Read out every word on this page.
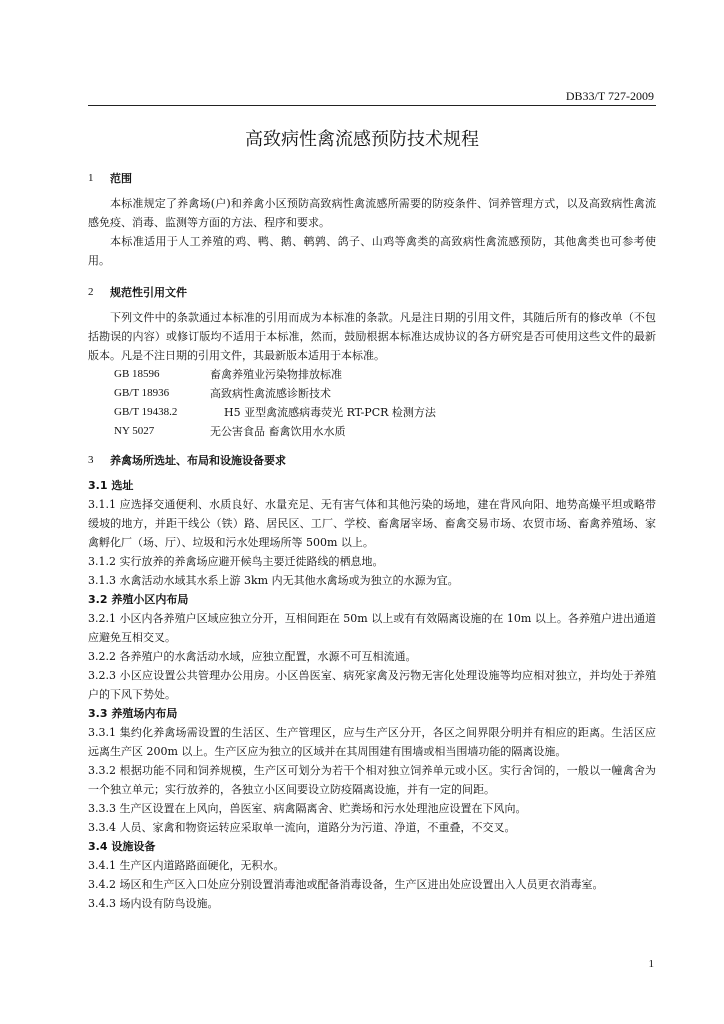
DB33/T 727-2009
高致病性禽流感预防技术规程
1	范围

本标准规定了养禽场(户)和养禽小区预防高致病性禽流感所需要的防疫条件、饲养管理方式，以及高致病性禽流感免疫、消毒、监测等方面的方法、程序和要求。

本标准适用于人工养殖的鸡、鸭、鹅、鹌鹑、鸽子、山鸡等禽类的高致病性禽流感预防，其他禽类也可参考使用。

2	规范性引用文件

下列文件中的条款通过本标准的引用而成为本标准的条款。凡是注日期的引用文件，其随后所有的修改单（不包括勘误的内容）或修订版均不适用于本标准，然而，鼓励根据本标准达成协议的各方研究是否可使用这些文件的最新版本。凡是不注日期的引用文件，其最新版本适用于本标准。

GB 18596	畜禽养殖业污染物排放标准
GB/T 18936	高致病性禽流感诊断技术
GB/T 19438.2	H5 亚型禽流感病毒荧光 RT-PCR 检测方法
NY 5027	无公害食品 畜禽饮用水水质
3	养禽场所选址、布局和设施设备要求

3.1 选址

3.1.1 应选择交通便利、水质良好、水量充足、无有害气体和其他污染的场地，建在背风向阳、地势高燥平坦或略带缓坡的地方，并距干线公（铁）路、居民区、工厂、学校、畜禽屠宰场、畜禽交易市场、农贸市场、畜禽养殖场、家禽孵化厂（场、厅）、垃圾和污水处理场所等 500m 以上。

3.1.2 实行放养的养禽场应避开候鸟主要迁徙路线的栖息地。

3.1.3 水禽活动水域其水系上游 3km 内无其他水禽场或为独立的水源为宜。

3.2 养殖小区内布局

3.2.1 小区内各养殖户区域应独立分开，互相间距在 50m 以上或有有效隔离设施的在 10m 以上。各养殖户进出通道应避免互相交叉。

3.2.2 各养殖户的水禽活动水域，应独立配置，水源不可互相流通。

3.2.3 小区应设置公共管理办公用房。小区兽医室、病死家禽及污物无害化处理设施等均应相对独立，并均处于养殖户的下风下势处。

3.3 养殖场内布局

3.3.1 集约化养禽场需设置的生活区、生产管理区，应与生产区分开，各区之间界限分明并有相应的距离。生活区应远离生产区 200m 以上。生产区应为独立的区域并在其周围建有围墙或相当围墙功能的隔离设施。

3.3.2 根据功能不同和饲养规模，生产区可划分为若干个相对独立饲养单元或小区。实行舍饲的，一般以一幢禽舍为一个独立单元；实行放养的，各独立小区间要设立防疫隔离设施，并有一定的间距。

3.3.3 生产区设置在上风向，兽医室、病禽隔离舍、贮粪场和污水处理池应设置在下风向。

3.3.4 人员、家禽和物资运转应采取单一流向，道路分为污道、净道，不重叠，不交叉。

3.4 设施设备

3.4.1 生产区内道路路面硬化，无积水。

3.4.2 场区和生产区入口处应分别设置消毒池或配备消毒设备，生产区进出处应设置出入人员更衣消毒室。

3.4.3 场内设有防鸟设施。

1
